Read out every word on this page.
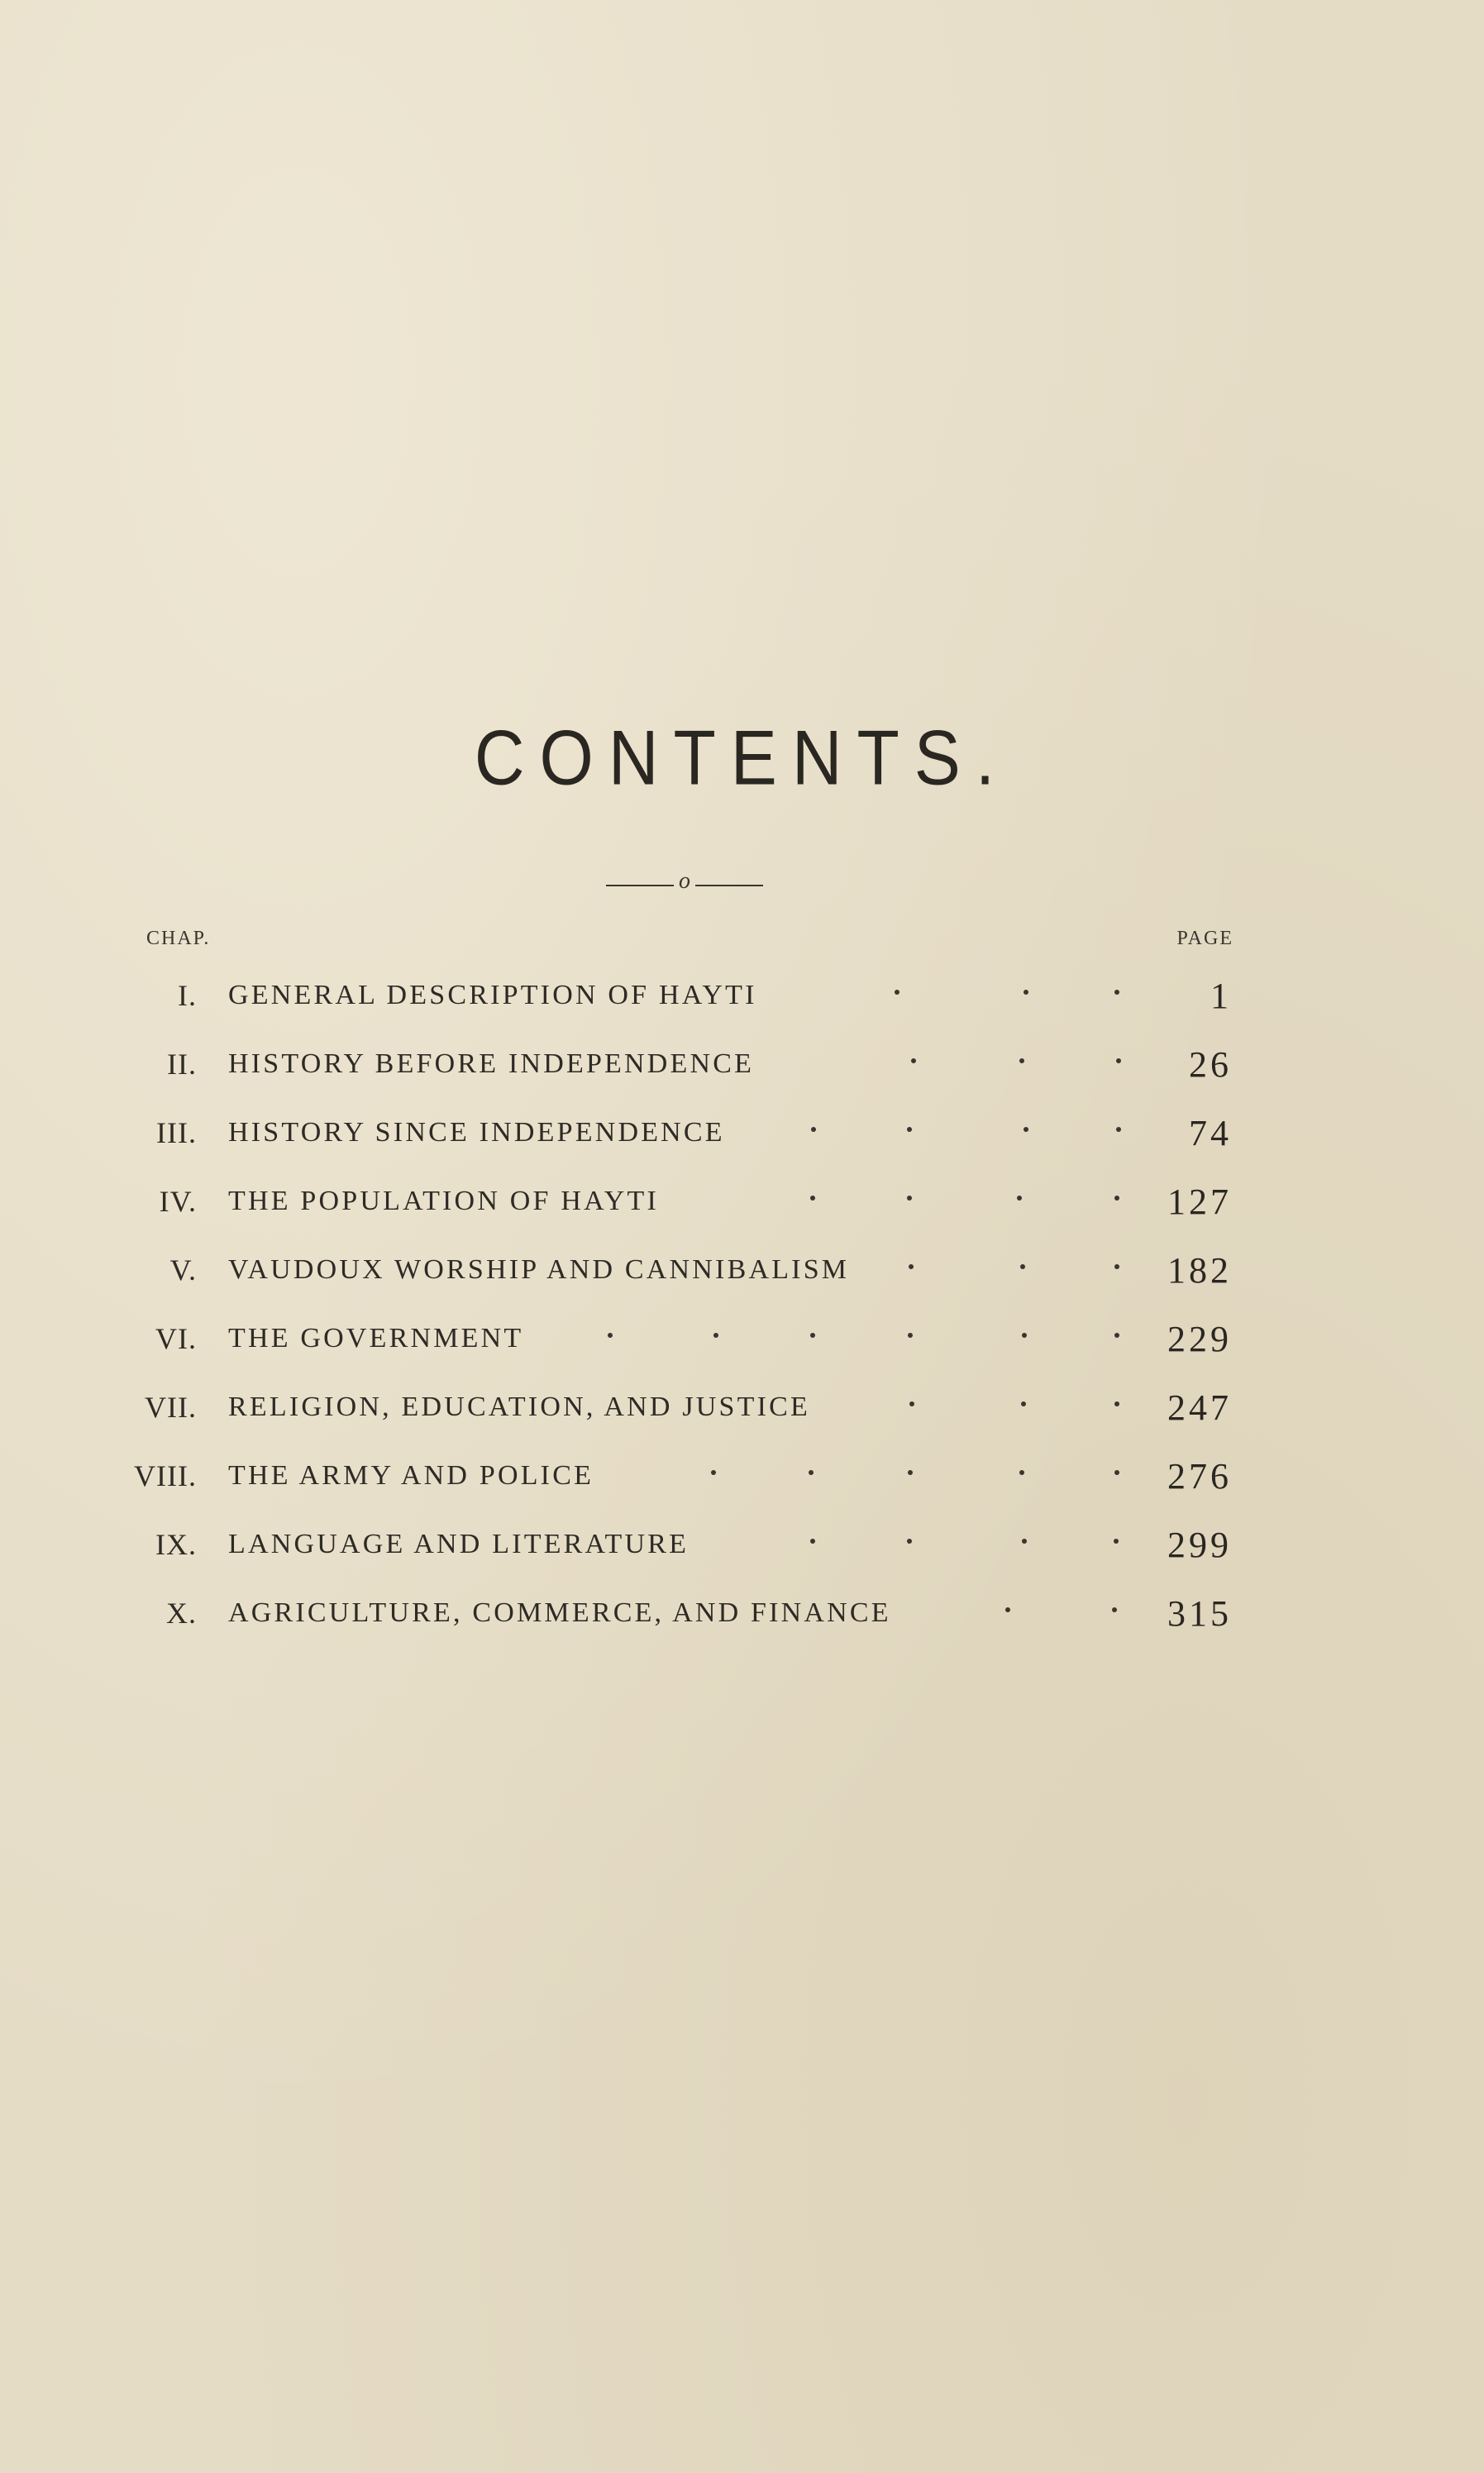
CONTENTS.
o
CHAP.	PAGE
I. GENERAL DESCRIPTION OF HAYTI	1
II. HISTORY BEFORE INDEPENDENCE	26
III. HISTORY SINCE INDEPENDENCE	74
IV. THE POPULATION OF HAYTI	127
V. VAUDOUX WORSHIP AND CANNIBALISM	182
VI. THE GOVERNMENT	229
VII. RELIGION, EDUCATION, AND JUSTICE	247
VIII. THE ARMY AND POLICE	276
IX. LANGUAGE AND LITERATURE	299
X. AGRICULTURE, COMMERCE, AND FINANCE	315
